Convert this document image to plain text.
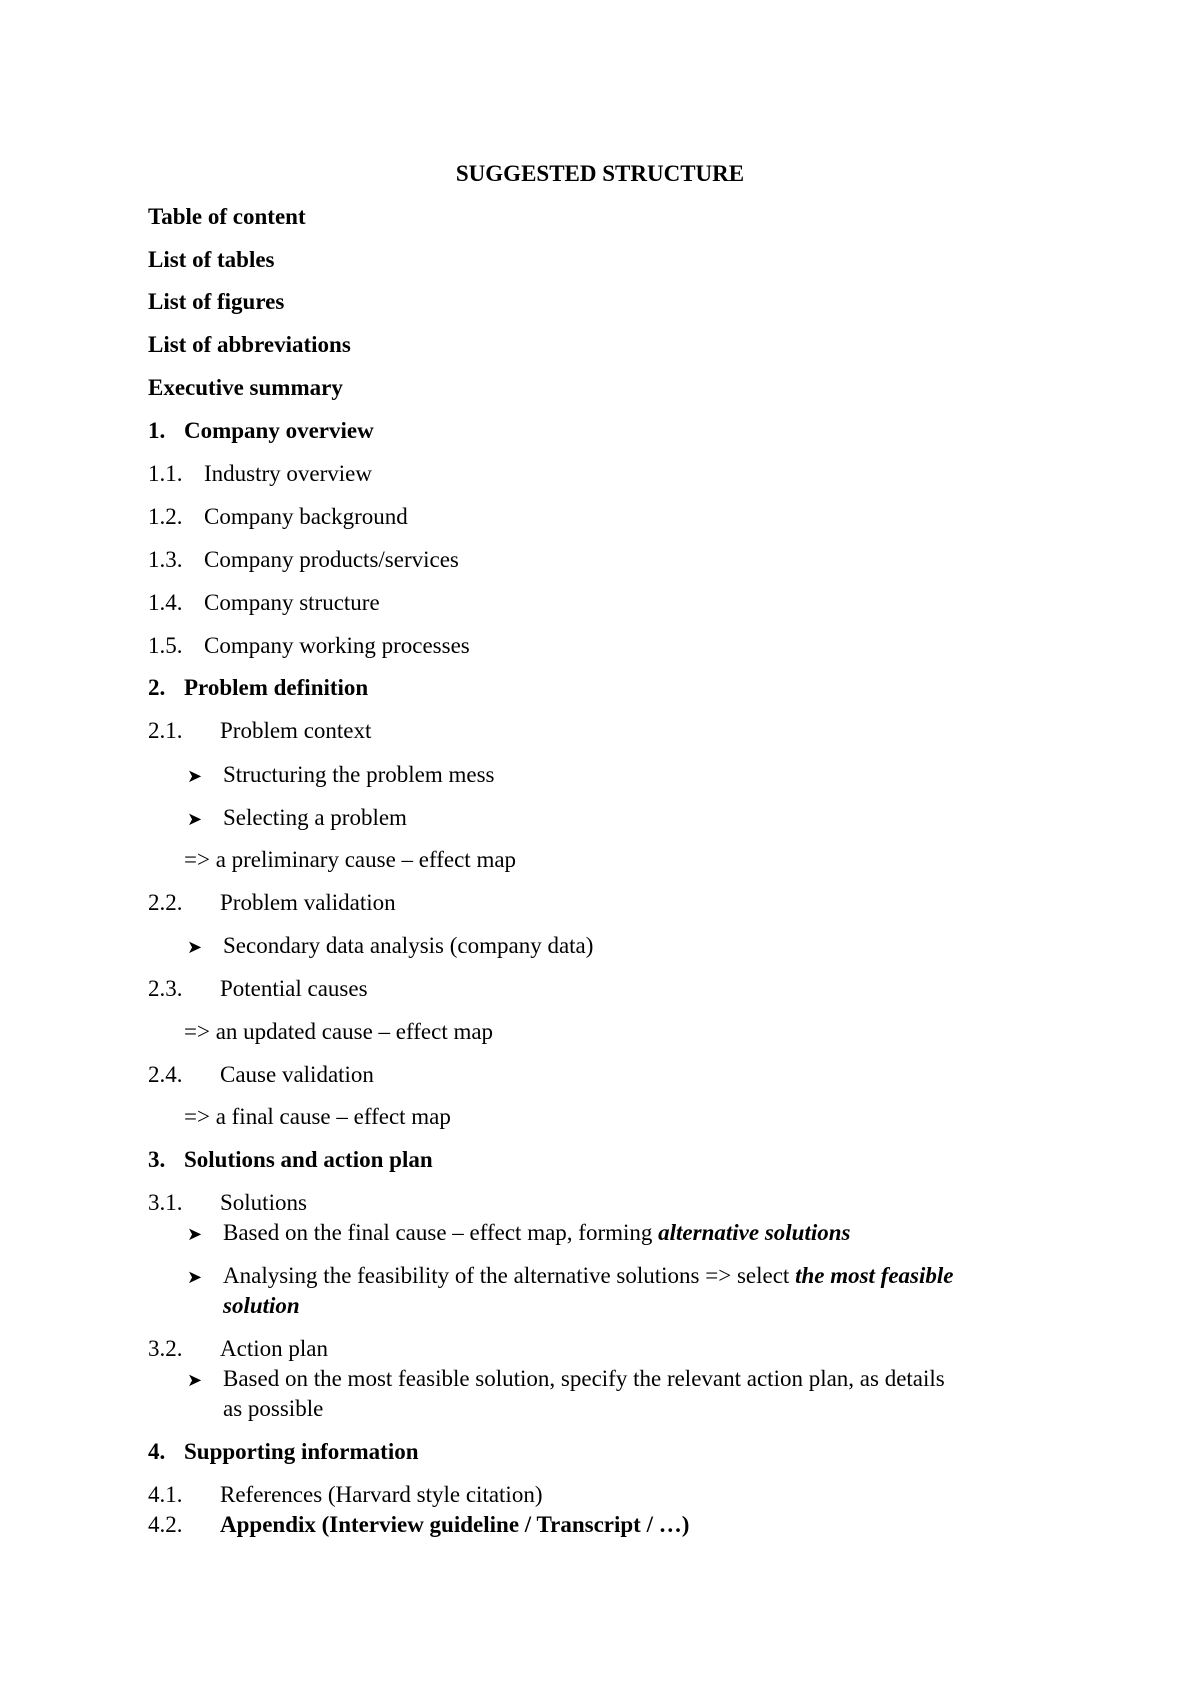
SUGGESTED STRUCTURE
Table of content
List of tables
List of figures
List of abbreviations
Executive summary
1. Company overview
1.1. Industry overview
1.2. Company background
1.3. Company products/services
1.4. Company structure
1.5. Company working processes
2. Problem definition
2.1. Problem context
➤ Structuring the problem mess
➤ Selecting a problem
=> a preliminary cause – effect map
2.2. Problem validation
➤ Secondary data analysis (company data)
2.3. Potential causes
=> an updated cause – effect map
2.4. Cause validation
=> a final cause – effect map
3. Solutions and action plan
3.1. Solutions
➤ Based on the final cause – effect map, forming alternative solutions
➤ Analysing the feasibility of the alternative solutions => select the most feasible
solution
3.2. Action plan
➤ Based on the most feasible solution, specify the relevant action plan, as details
as possible
4. Supporting information
4.1. References (Harvard style citation)
4.2. Appendix (Interview guideline / Transcript / …)
